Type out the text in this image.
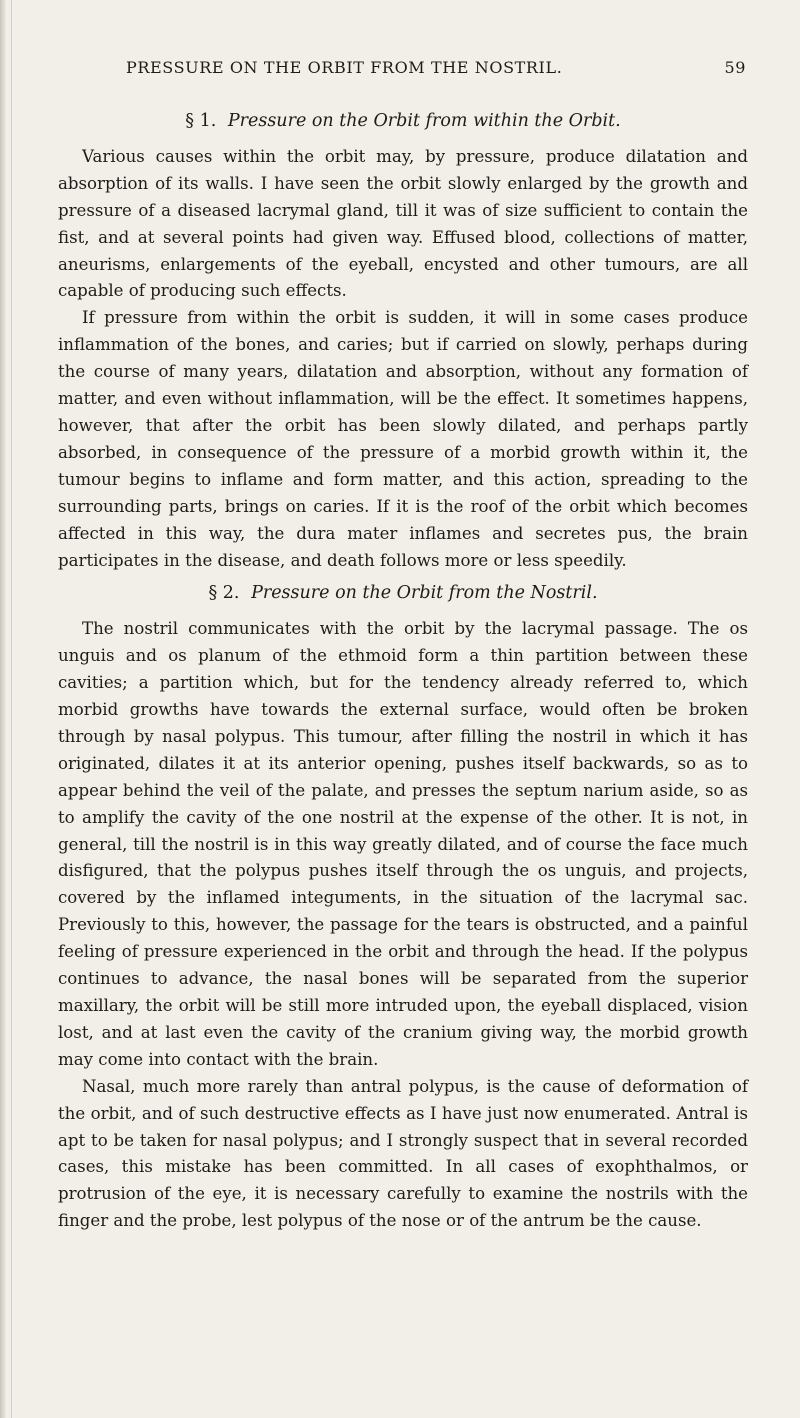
PRESSURE ON THE ORBIT FROM THE NOSTRIL.	59
§ 1. Pressure on the Orbit from within the Orbit.

Various causes within the orbit may, by pressure, produce dilatation and absorption of its walls. I have seen the orbit slowly enlarged by the growth and pressure of a diseased lacrymal gland, till it was of size sufficient to contain the fist, and at several points had given way. Effused blood, collections of matter, aneurisms, enlargements of the eyeball, encysted and other tumours, are all capable of producing such effects.

If pressure from within the orbit is sudden, it will in some cases produce inflammation of the bones, and caries; but if carried on slowly, perhaps during the course of many years, dilatation and absorption, without any formation of matter, and even without inflammation, will be the effect. It sometimes happens, however, that after the orbit has been slowly dilated, and perhaps partly absorbed, in consequence of the pressure of a morbid growth within it, the tumour begins to inflame and form matter, and this action, spreading to the surrounding parts, brings on caries. If it is the roof of the orbit which becomes affected in this way, the dura mater inflames and secretes pus, the brain participates in the disease, and death follows more or less speedily.

§ 2. Pressure on the Orbit from the Nostril.

The nostril communicates with the orbit by the lacrymal passage. The os unguis and os planum of the ethmoid form a thin partition between these cavities; a partition which, but for the tendency already referred to, which morbid growths have towards the external surface, would often be broken through by nasal polypus. This tumour, after filling the nostril in which it has originated, dilates it at its anterior opening, pushes itself backwards, so as to appear behind the veil of the palate, and presses the septum narium aside, so as to amplify the cavity of the one nostril at the expense of the other. It is not, in general, till the nostril is in this way greatly dilated, and of course the face much disfigured, that the polypus pushes itself through the os unguis, and projects, covered by the inflamed integuments, in the situation of the lacrymal sac. Previously to this, however, the passage for the tears is obstructed, and a painful feeling of pressure experienced in the orbit and through the head. If the polypus continues to advance, the nasal bones will be separated from the superior maxillary, the orbit will be still more intruded upon, the eyeball displaced, vision lost, and at last even the cavity of the cranium giving way, the morbid growth may come into contact with the brain.

Nasal, much more rarely than antral polypus, is the cause of deformation of the orbit, and of such destructive effects as I have just now enumerated. Antral is apt to be taken for nasal polypus; and I strongly suspect that in several recorded cases, this mistake has been committed. In all cases of exophthalmos, or protrusion of the eye, it is necessary carefully to examine the nostrils with the finger and the probe, lest polypus of the nose or of the antrum be the cause.
